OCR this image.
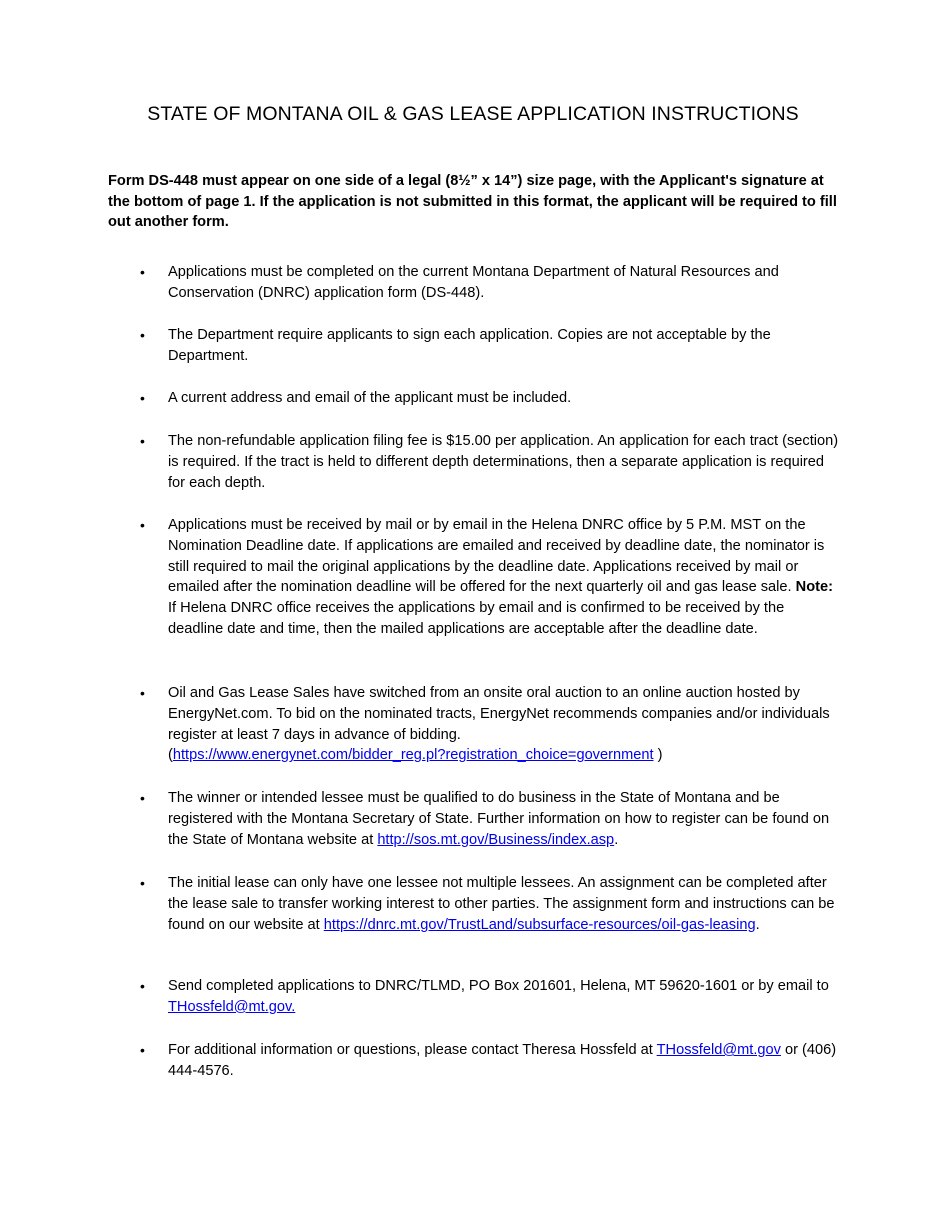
STATE OF MONTANA OIL & GAS LEASE APPLICATION INSTRUCTIONS
Form DS-448 must appear on one side of a legal (8½” x 14”) size page, with the Applicant's signature at the bottom of page 1. If the application is not submitted in this format, the applicant will be required to fill out another form.
•	Applications must be completed on the current Montana Department of Natural Resources and Conservation (DNRC) application form (DS-448).
•	The Department require applicants to sign each application. Copies are not acceptable by the Department.
•	A current address and email of the applicant must be included.
•	The non-refundable application filing fee is $15.00 per application. An application for each tract (section) is required. If the tract is held to different depth determinations, then a separate application is required for each depth.
•	Applications must be received by mail or by email in the Helena DNRC office by 5 P.M. MST on the Nomination Deadline date. If applications are emailed and received by deadline date, the nominator is still required to mail the original applications by the deadline date. Applications received by mail or emailed after the nomination deadline will be offered for the next quarterly oil and gas lease sale. Note: If Helena DNRC office receives the applications by email and is confirmed to be received by the deadline date and time, then the mailed applications are acceptable after the deadline date.
•	Oil and Gas Lease Sales have switched from an onsite oral auction to an online auction hosted by EnergyNet.com. To bid on the nominated tracts, EnergyNet recommends companies and/or individuals register at least 7 days in advance of bidding.
(https://www.energynet.com/bidder_reg.pl?registration_choice=government )
•	The winner or intended lessee must be qualified to do business in the State of Montana and be registered with the Montana Secretary of State. Further information on how to register can be found on the State of Montana website at http://sos.mt.gov/Business/index.asp.
•	The initial lease can only have one lessee not multiple lessees. An assignment can be completed after the lease sale to transfer working interest to other parties. The assignment form and instructions can be found on our website at https://dnrc.mt.gov/TrustLand/subsurface-resources/oil-gas-leasing.
•	Send completed applications to DNRC/TLMD, PO Box 201601, Helena, MT 59620-1601 or by email to THossfeld@mt.gov.
•	For additional information or questions, please contact Theresa Hossfeld at THossfeld@mt.gov or (406) 444-4576.
